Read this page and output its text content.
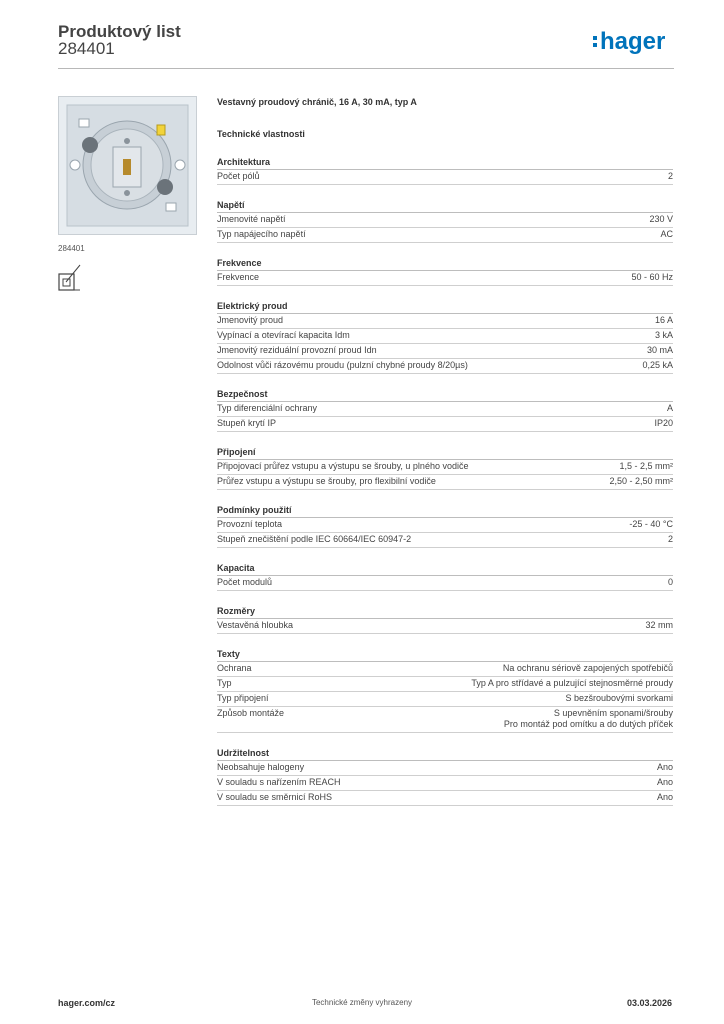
Produktový list
284401	hager
284401
Vestavný proudový chránič, 16 A, 30 mA, typ A
Technické vlastnosti
Architektura
Počet pólů	2
Napětí
Jmenovité napětí	230 V
Typ napájecího napětí	AC
Frekvence
Frekvence	50 - 60 Hz
Elektrický proud
Jmenovitý proud	16 A
Vypínací a otevírací kapacita Idm	3 kA
Jmenovitý reziduální provozní proud Idn	30 mA
Odolnost vůči rázovému proudu (pulzní chybné proudy 8/20µs)	0,25 kA
Bezpečnost
Typ diferenciální ochrany	A
Stupeň krytí IP	IP20
Připojení
Připojovací průřez vstupu a výstupu se šrouby, u plného vodiče	1,5 - 2,5 mm²
Průřez vstupu a výstupu se šrouby, pro flexibilní vodiče	2,50 - 2,50 mm²
Podmínky použití
Provozní teplota	-25 - 40 °C
Stupeň znečištění podle IEC 60664/IEC 60947-2	2
Kapacita
Počet modulů	0
Rozměry
Vestavěná hloubka	32 mm
Texty
Ochrana	Na ochranu sériově zapojených spotřebičů
Typ	Typ A pro střídavé a pulzující stejnosměrné proudy
Typ připojení	S bezšroubovými svorkami
Způsob montáže	S upevněním sponami/šrouby
Pro montáž pod omítku a do dutých příček
Udržitelnost
Neobsahuje halogeny	Ano
V souladu s nařízením REACH	Ano
V souladu se směrnicí RoHS	Ano
hager.com/cz	Technické změny vyhrazeny	03.03.2026
